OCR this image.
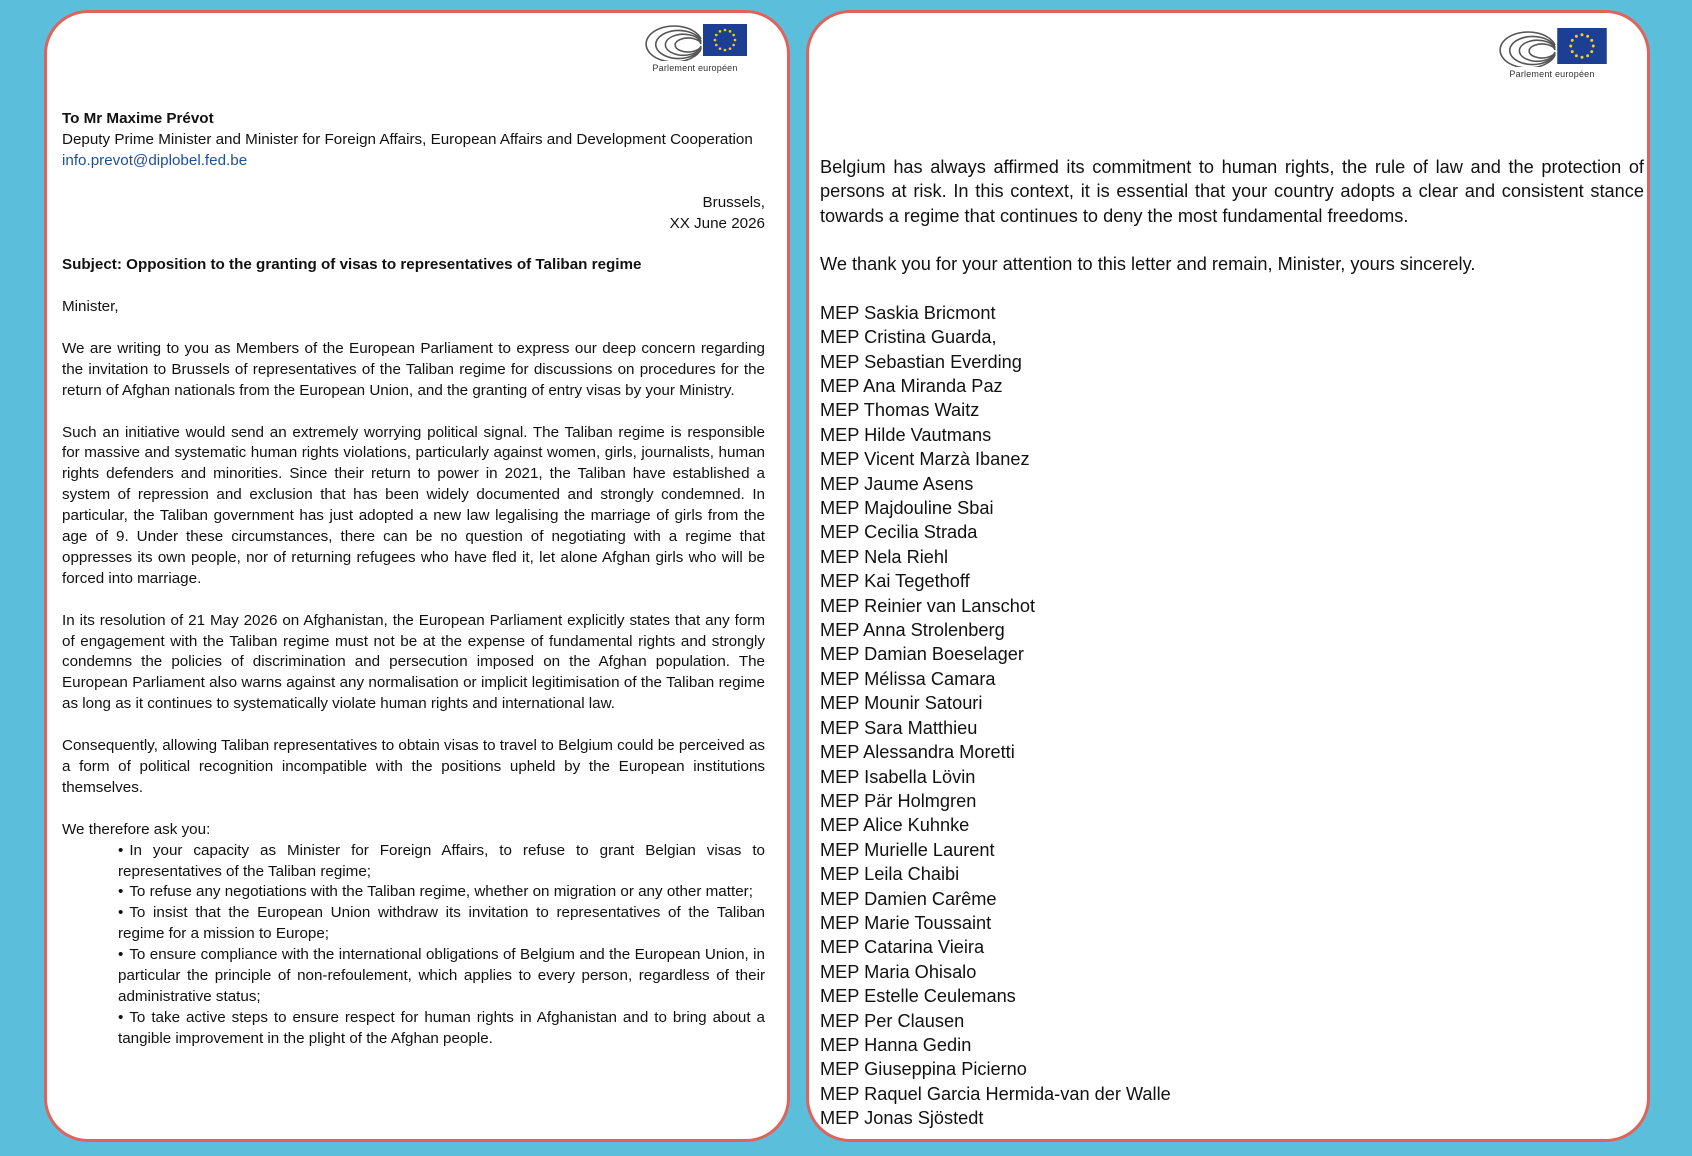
Parlement européen

To Mr Maxime Prévot

Deputy Prime Minister and Minister for Foreign Affairs, European Affairs and Development Cooperation

info.prevot@diplobel.fed.be

Brussels,

XX June 2026

Subject: Opposition to the granting of visas to representatives of Taliban regime

Minister,

We are writing to you as Members of the European Parliament to express our deep concern regarding the invitation to Brussels of representatives of the Taliban regime for discussions on procedures for the return of Afghan nationals from the European Union, and the granting of entry visas by your Ministry.

Such an initiative would send an extremely worrying political signal. The Taliban regime is responsible for massive and systematic human rights violations, particularly against women, girls, journalists, human rights defenders and minorities. Since their return to power in 2021, the Taliban have established a system of repression and exclusion that has been widely documented and strongly condemned. In particular, the Taliban government has just adopted a new law legalising the marriage of girls from the age of 9. Under these circumstances, there can be no question of negotiating with a regime that oppresses its own people, nor of returning refugees who have fled it, let alone Afghan girls who will be forced into marriage.

In its resolution of 21 May 2026 on Afghanistan, the European Parliament explicitly states that any form of engagement with the Taliban regime must not be at the expense of fundamental rights and strongly condemns the policies of discrimination and persecution imposed on the Afghan population. The European Parliament also warns against any normalisation or implicit legitimisation of the Taliban regime as long as it continues to systematically violate human rights and international law.

Consequently, allowing Taliban representatives to obtain visas to travel to Belgium could be perceived as a form of political recognition incompatible with the positions upheld by the European institutions themselves.

We therefore ask you:

• In your capacity as Minister for Foreign Affairs, to refuse to grant Belgian visas to representatives of the Taliban regime;
• To refuse any negotiations with the Taliban regime, whether on migration or any other matter;
• To insist that the European Union withdraw its invitation to representatives of the Taliban regime for a mission to Europe;
• To ensure compliance with the international obligations of Belgium and the European Union, in particular the principle of non-refoulement, which applies to every person, regardless of their administrative status;
• To take active steps to ensure respect for human rights in Afghanistan and to bring about a tangible improvement in the plight of the Afghan people.
Parlement européen

Belgium has always affirmed its commitment to human rights, the rule of law and the protection of persons at risk. In this context, it is essential that your country adopts a clear and consistent stance towards a regime that continues to deny the most fundamental freedoms.

We thank you for your attention to this letter and remain, Minister, yours sincerely.

MEP Saskia Bricmont
MEP Cristina Guarda,
MEP Sebastian Everding
MEP Ana Miranda Paz
MEP Thomas Waitz
MEP Hilde Vautmans
MEP Vicent Marzà Ibanez
MEP Jaume Asens
MEP Majdouline Sbai
MEP Cecilia Strada
MEP Nela Riehl
MEP Kai Tegethoff
MEP Reinier van Lanschot
MEP Anna Strolenberg
MEP Damian Boeselager
MEP Mélissa Camara
MEP Mounir Satouri
MEP Sara Matthieu
MEP Alessandra Moretti
MEP Isabella Lövin
MEP Pär Holmgren
MEP Alice Kuhnke
MEP Murielle Laurent
MEP Leila Chaibi
MEP Damien Carême
MEP Marie Toussaint
MEP Catarina Vieira
MEP Maria Ohisalo
MEP Estelle Ceulemans
MEP Per Clausen
MEP Hanna Gedin
MEP Giuseppina Picierno
MEP Raquel Garcia Hermida-van der Walle
MEP Jonas Sjöstedt
